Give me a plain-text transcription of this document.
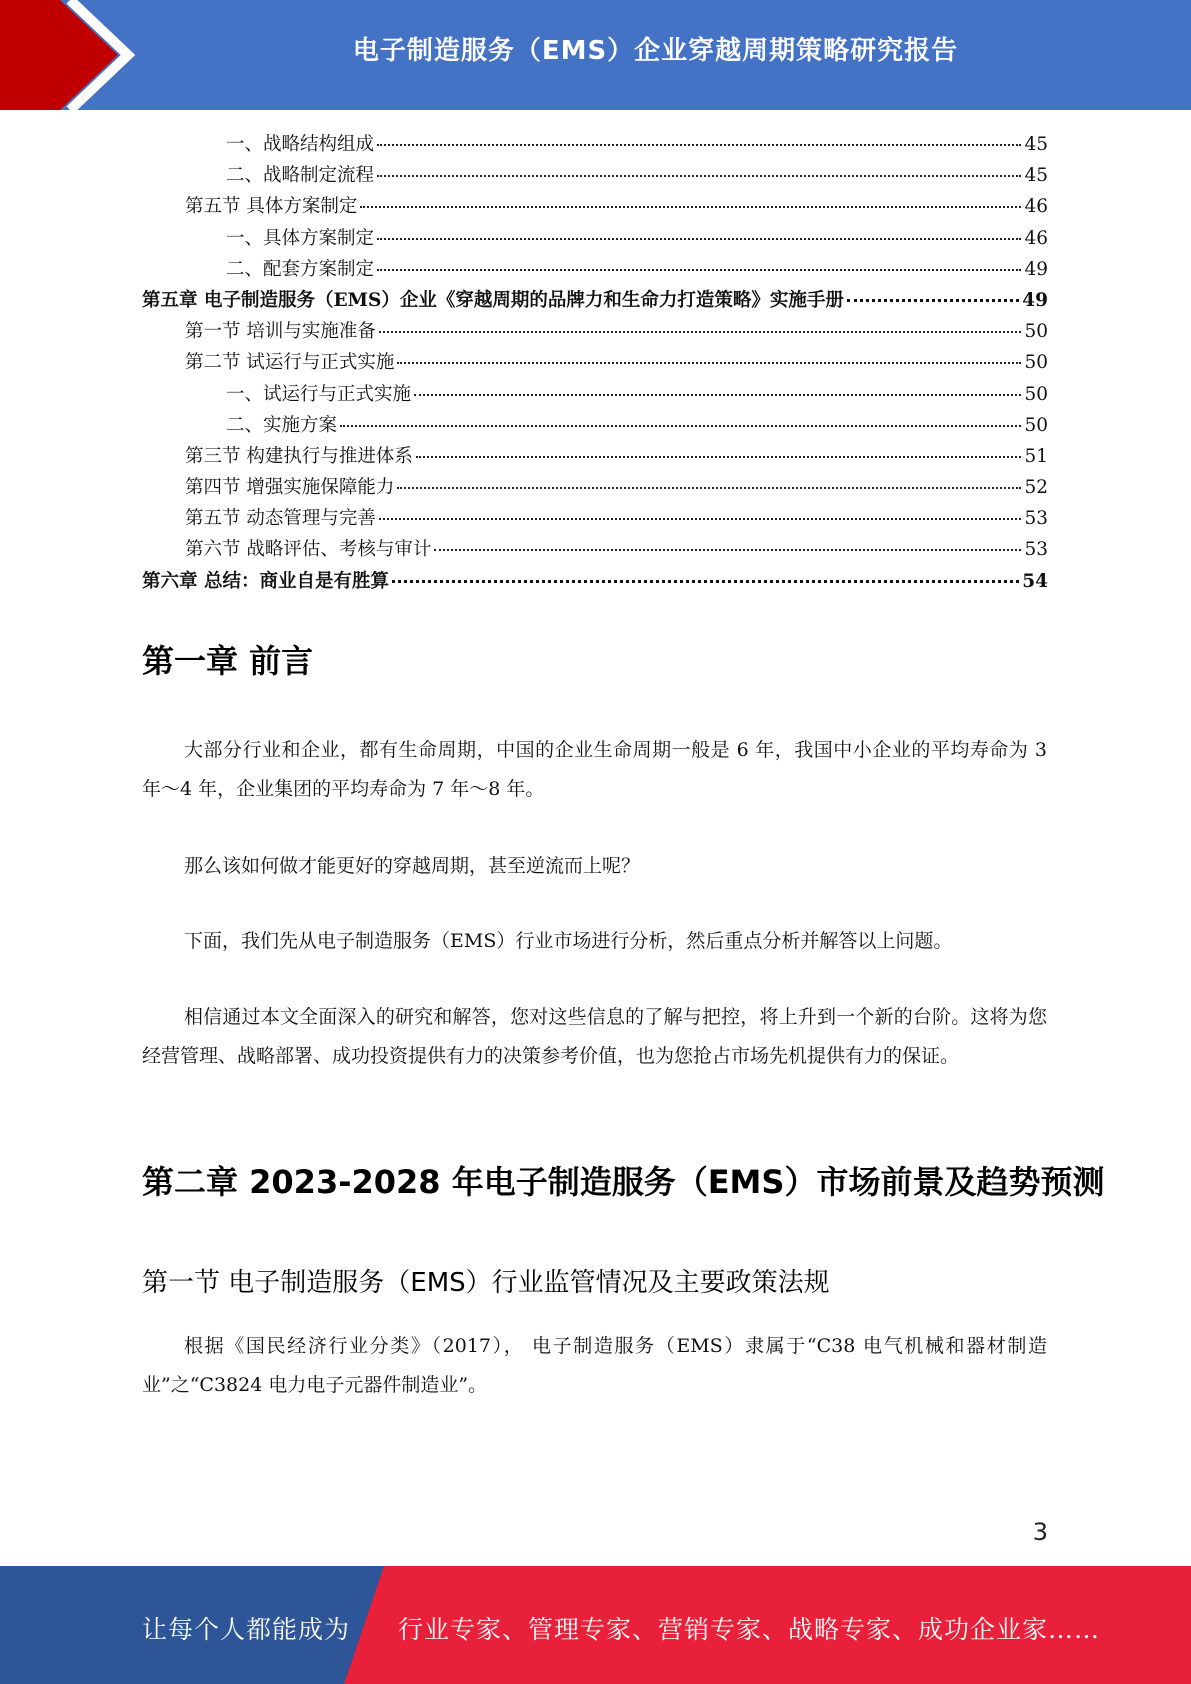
电子制造服务（EMS）企业穿越周期策略研究报告
一、战略结构组成	45
二、战略制定流程	45
第五节 具体方案制定	46
一、具体方案制定	46
二、配套方案制定	49
第五章 电子制造服务（EMS）企业《穿越周期的品牌力和生命力打造策略》实施手册	49
第一节 培训与实施准备	50
第二节 试运行与正式实施	50
一、试运行与正式实施	50
二、实施方案	50
第三节 构建执行与推进体系	51
第四节 增强实施保障能力	52
第五节 动态管理与完善	53
第六节 战略评估、考核与审计	53
第六章 总结：商业自是有胜算	54
第一章 前言
大部分行业和企业，都有生命周期，中国的企业生命周期一般是 6 年，我国中小企业的平均寿命为 3 年～4 年，企业集团的平均寿命为 7 年～8 年。
那么该如何做才能更好的穿越周期，甚至逆流而上呢？
下面，我们先从电子制造服务（EMS）行业市场进行分析，然后重点分析并解答以上问题。
相信通过本文全面深入的研究和解答，您对这些信息的了解与把控，将上升到一个新的台阶。这将为您经营管理、战略部署、成功投资提供有力的决策参考价值，也为您抢占市场先机提供有力的保证。
第二章 2023-2028 年电子制造服务（EMS）市场前景及趋势预测
第一节 电子制造服务（EMS）行业监管情况及主要政策法规
根据《国民经济行业分类》（2017）， 电子制造服务（EMS）隶属于“C38 电气机械和器材制造业”之“C3824 电力电子元器件制造业”。
3
让每个人都能成为 行业专家、管理专家、营销专家、战略专家、成功企业家……
